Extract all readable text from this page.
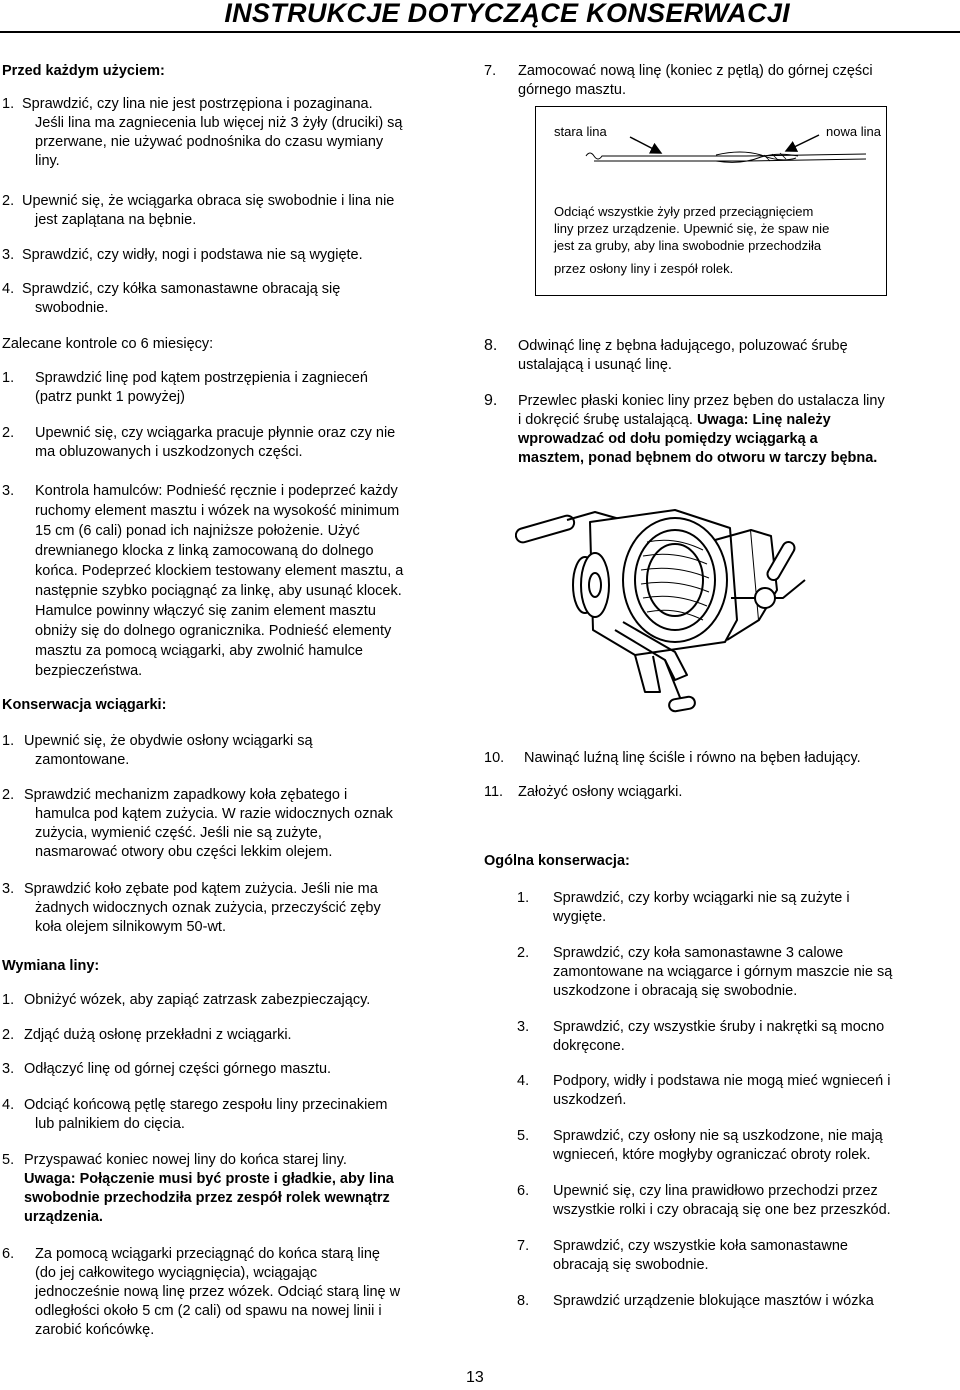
INSTRUKCJE DOTYCZĄCE KONSERWACJI
Przed każdym użyciem:
1. Sprawdzić, czy lina nie jest postrzępiona i pozaginana.
Jeśli lina ma zagniecenia lub więcej niż 3 żyły (druciki) są
przerwane, nie używać podnośnika do czasu wymiany
liny.
2. Upewnić się, że wciągarka obraca się swobodnie i lina nie
jest zaplątana na bębnie.
3. Sprawdzić, czy widły, nogi i podstawa nie są wygięte.
4. Sprawdzić, czy kółka samonastawne obracają się
swobodnie.
Zalecane kontrole co 6 miesięcy:
1. Sprawdzić linę pod kątem postrzępienia i zagnieceń
(patrz punkt 1 powyżej)
2. Upewnić się, czy wciągarka pracuje płynnie oraz czy nie
ma obluzowanych i uszkodzonych części.
3. Kontrola hamulców: Podnieść ręcznie i podeprzeć każdy
ruchomy element masztu i wózek na wysokość minimum
15 cm (6 cali) ponad ich najniższe położenie. Użyć
drewnianego klocka z linką zamocowaną do dolnego
końca. Podeprzeć klockiem testowany element masztu, a
następnie szybko pociągnąć za linkę, aby usunąć klocek.
Hamulce powinny włączyć się zanim element masztu
obniży się do dolnego ogranicznika. Podnieść elementy
masztu za pomocą wciągarki, aby zwolnić hamulce
bezpieczeństwa.
Konserwacja wciągarki:
1. Upewnić się, że obydwie osłony wciągarki są
zamontowane.
2. Sprawdzić mechanizm zapadkowy koła zębatego i
hamulca pod kątem zużycia. W razie widocznych oznak
zużycia, wymienić część. Jeśli nie są zużyte,
nasmarować otwory obu części lekkim olejem.
3. Sprawdzić koło zębate pod kątem zużycia. Jeśli nie ma
żadnych widocznych oznak zużycia, przeczyścić zęby
koła olejem silnikowym 50-wt.
Wymiana liny:
1. Obniżyć wózek, aby zapiąć zatrzask zabezpieczający.
2. Zdjąć dużą osłonę przekładni z wciągarki.
3. Odłączyć linę od górnej części górnego masztu.
4. Odciąć końcową pętlę starego zespołu liny przecinakiem
lub palnikiem do cięcia.
5. Przyspawać koniec nowej liny do końca starej liny.
Uwaga: Połączenie musi być proste i gładkie, aby lina
swobodnie przechodziła przez zespół rolek wewnątrz
urządzenia.
6. Za pomocą wciągarki przeciągnąć do końca starą linę
(do jej całkowitego wyciągnięcia), wciągając
jednocześnie nową linę przez wózek. Odciąć starą linę w
odległości około 5 cm (2 cali) od spawu na nowej linii i
zarobić końcówkę.
7. Zamocować nową linę (koniec z pętlą) do górnej części
górnego masztu.
stara lina	nowa lina
Odciąć wszystkie żyły przed przeciągnięciem
liny przez urządzenie. Upewnić się, że spaw nie
jest za gruby, aby lina swobodnie przechodziła
przez osłony liny i zespół rolek.
8. Odwinąć linę z bębna ładującego, poluzować śrubę
ustalającą i usunąć linę.
9. Przewlec płaski koniec liny przez bęben do ustalacza liny
i dokręcić śrubę ustalającą. Uwaga: Linę należy
wprowadzać od dołu pomiędzy wciągarką a
masztem, ponad bębnem do otworu w tarczy bębna.
10. Nawinąć luźną linę ściśle i równo na bęben ładujący.
11. Założyć osłony wciągarki.
Ogólna konserwacja:
1. Sprawdzić, czy korby wciągarki nie są zużyte i
wygięte.
2. Sprawdzić, czy koła samonastawne 3 calowe
zamontowane na wciągarce i górnym maszcie nie są
uszkodzone i obracają się swobodnie.
3. Sprawdzić, czy wszystkie śruby i nakrętki są mocno
dokręcone.
4. Podpory, widły i podstawa nie mogą mieć wgnieceń i
uszkodzeń.
5. Sprawdzić, czy osłony nie są uszkodzone, nie mają
wgnieceń, które mogłyby ograniczać obroty rolek.
6. Upewnić się, czy lina prawidłowo przechodzi przez
wszystkie rolki i czy obracają się one bez przeszkód.
7. Sprawdzić, czy wszystkie koła samonastawne
obracają się swobodnie.
8. Sprawdzić urządzenie blokujące masztów i wózka
13
